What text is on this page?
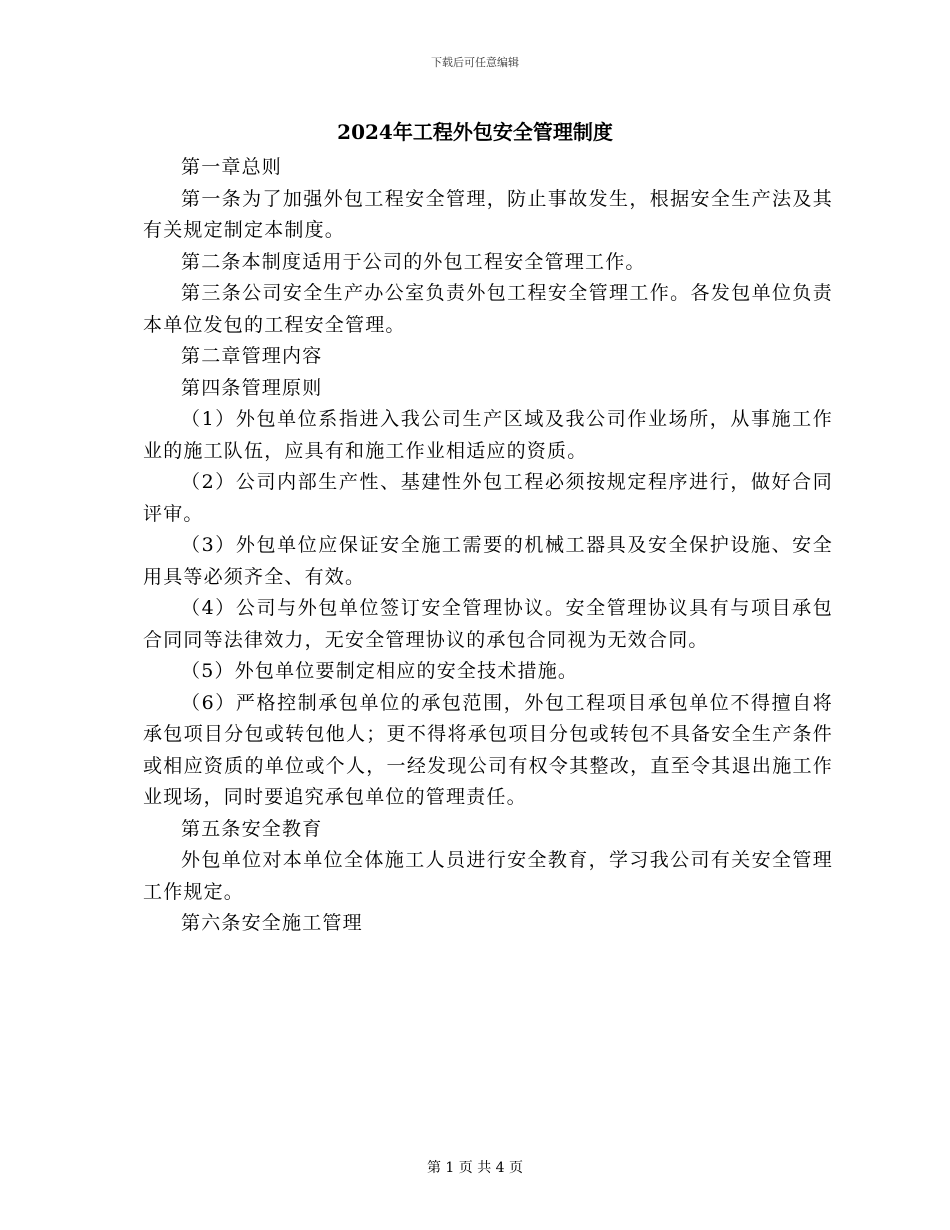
下载后可任意编辑
2024年工程外包安全管理制度

第一章总则

第一条为了加强外包工程安全管理，防止事故发生，根据安全生产法及其有关规定制定本制度。

第二条本制度适用于公司的外包工程安全管理工作。

第三条公司安全生产办公室负责外包工程安全管理工作。各发包单位负责本单位发包的工程安全管理。

第二章管理内容

第四条管理原则

（1）外包单位系指进入我公司生产区域及我公司作业场所，从事施工作业的施工队伍，应具有和施工作业相适应的资质。

（2）公司内部生产性、基建性外包工程必须按规定程序进行，做好合同评审。

（3）外包单位应保证安全施工需要的机械工器具及安全保护设施、安全用具等必须齐全、有效。

（4）公司与外包单位签订安全管理协议。安全管理协议具有与项目承包合同同等法律效力，无安全管理协议的承包合同视为无效合同。

（5）外包单位要制定相应的安全技术措施。

（6）严格控制承包单位的承包范围，外包工程项目承包单位不得擅自将承包项目分包或转包他人；更不得将承包项目分包或转包不具备安全生产条件或相应资质的单位或个人，一经发现公司有权令其整改，直至令其退出施工作业现场，同时要追究承包单位的管理责任。

第五条安全教育

外包单位对本单位全体施工人员进行安全教育，学习我公司有关安全管理工作规定。

第六条安全施工管理

第 1 页 共 4 页
